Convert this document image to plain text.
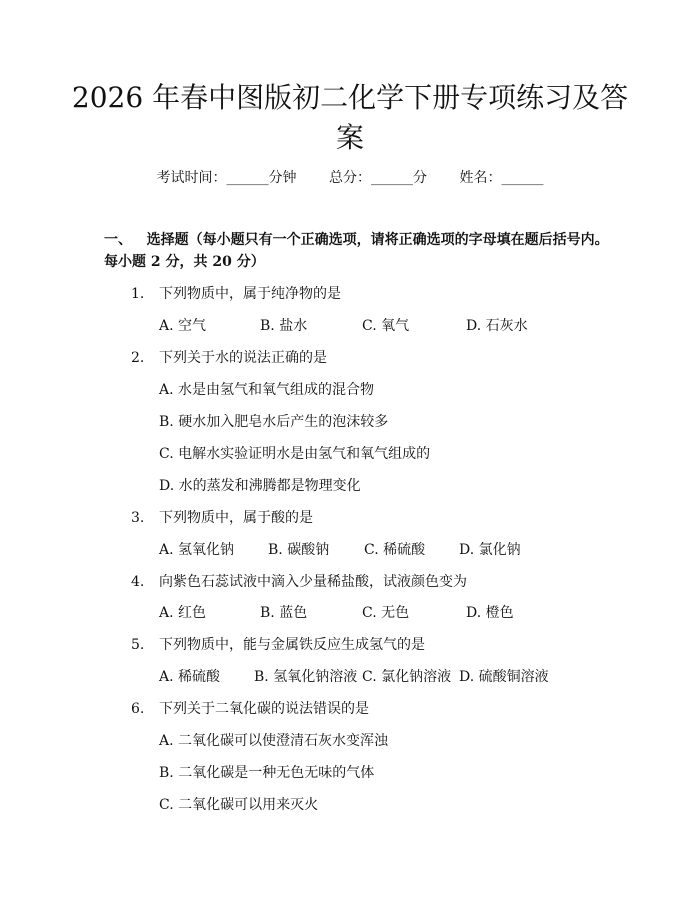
2026 年春中图版初二化学下册专项练习及答
案
考试时间：______分钟 总分：______分 姓名：______
一、 选择题（每小题只有一个正确选项，请将正确选项的字母填在题后括号内。
每小题 2 分，共 20 分）
1. 下列物质中，属于纯净物的是
A. 空气	B. 盐水	C. 氧气	D. 石灰水
2. 下列关于水的说法正确的是
A. 水是由氢气和氧气组成的混合物
B. 硬水加入肥皂水后产生的泡沫较多
C. 电解水实验证明水是由氢气和氧气组成的
D. 水的蒸发和沸腾都是物理变化
3. 下列物质中，属于酸的是
A. 氢氧化钠 B. 碳酸钠 C. 稀硫酸 D. 氯化钠
4. 向紫色石蕊试液中滴入少量稀盐酸，试液颜色变为
A. 红色	B. 蓝色	C. 无色	D. 橙色
5. 下列物质中，能与金属铁反应生成氢气的是
A. 稀硫酸 B. 氢氧化钠溶液 C. 氯化钠溶液 D. 硫酸铜溶液
6. 下列关于二氧化碳的说法错误的是
A. 二氧化碳可以使澄清石灰水变浑浊
B. 二氧化碳是一种无色无味的气体
C. 二氧化碳可以用来灭火
